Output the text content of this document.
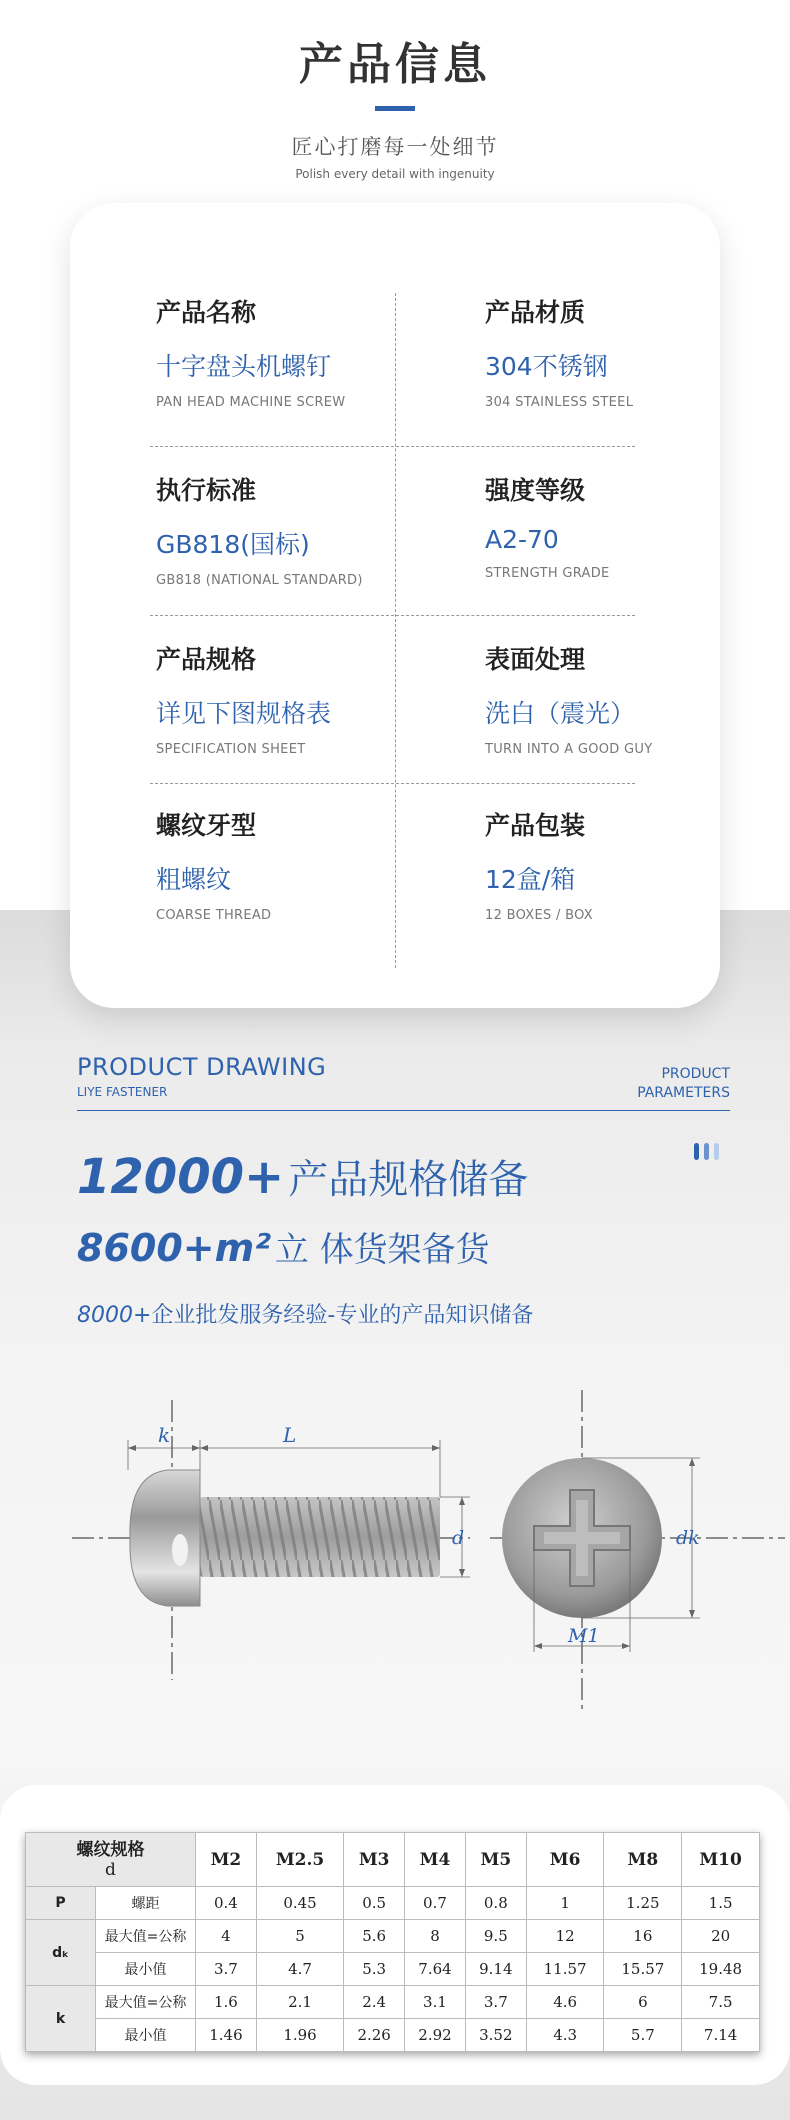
产品信息
匠心打磨每一处细节
Polish every detail with ingenuity
产品名称
十字盘头机螺钉
PAN HEAD MACHINE SCREW
产品材质
304不锈钢
304 STAINLESS STEEL
执行标准
GB818(国标)
GB818 (NATIONAL STANDARD)
强度等级
A2-70
STRENGTH GRADE
产品规格
详见下图规格表
SPECIFICATION SHEET
表面处理
洗白（震光）
TURN INTO A GOOD GUY
螺纹牙型
粗螺纹
COARSE THREAD
产品包装
12盒/箱
12 BOXES / BOX
PRODUCT DRAWING
LIYE FASTENER
PRODUCT
PARAMETERS
12000+ 产品规格储备
8600+m² 立 体货架备货
8000+企业批发服务经验-专业的产品知识储备
k	L
d	dk
M1
螺纹规格
d		M2	M2.5	M3	M4	M5	M6	M8	M10
P	螺距	0.4	0.45	0.5	0.7	0.8	1	1.25	1.5
dₖ	最大值=公称	4	5	5.6	8	9.5	12	16	20
	最小值	3.7	4.7	5.3	7.64	9.14	11.57	15.57	19.48
k	最大值=公称	1.6	2.1	2.4	3.1	3.7	4.6	6	7.5
	最小值	1.46	1.96	2.26	2.92	3.52	4.3	5.7	7.14
